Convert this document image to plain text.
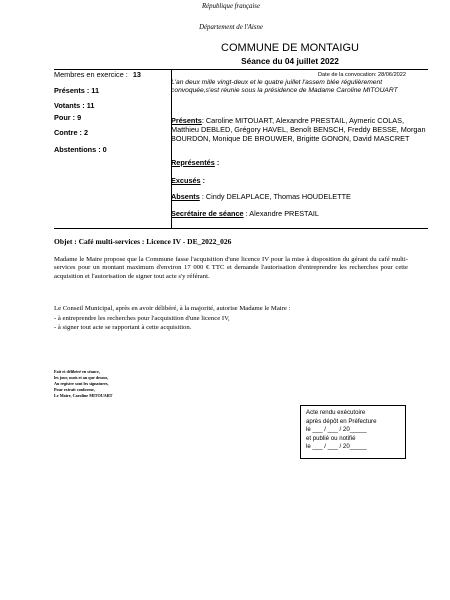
République française
Département de l'Aisne
COMMUNE DE MONTAIGU
Séance du 04 juillet 2022
Membres en exercice : 13
Présents : 11
Votants : 11
Pour : 9
Contre : 2
Abstentions : 0
Date de la convocation: 28/06/2022
L'an deux mille vingt-deux et le quatre juillet l'assem blée régulièrement convoquée,s'est réunie sous la présidence de Madame Caroline MITOUART
Présents: Caroline MITOUART, Alexandre PRESTAIL, Aymeric COLAS, Matthieu DEBLED, Grégory HAVEL, Benoît BENSCH, Freddy BESSE, Morgan BOURDON, Monique DE BROUWER, Brigitte GONON, David MASCRET
Représentés :
Excusés :
Absents : Cindy DELAPLACE, Thomas HOUDELETTE
Secrétaire de séance : Alexandre PRESTAIL
Objet : Café multi-services : Licence IV - DE_2022_026
Madame le Maire propose que la Commune fasse l'acquisition d'une licence IV pour la mise à disposition du gérant du café multi-services pour un montant maximum d'environ 17 000 € TTC et demande l'autorisation d'entreprendre les recherches pour cette acquisition et l'autorisation de signer tout acte s'y référant.
Le Conseil Municipal, après en avoir délibéré, à la majorité, autorise Madame le Maire :
- à entreprendre les recherches pour l'acquisition d'une licence IV,
- à signer tout acte se rapportant à cette acquisition.
Fait et délibéré en séance,
les jour, mois et an que dessus,
Au registre sont les signatures,
Pour extrait conforme,
Le Maire, Caroline MITOUART
Acte rendu exécutoire
après dépôt en Préfecture
le ___ / ___ / 20_____
et publié ou notifié
le ___ / ___ / 20_____
